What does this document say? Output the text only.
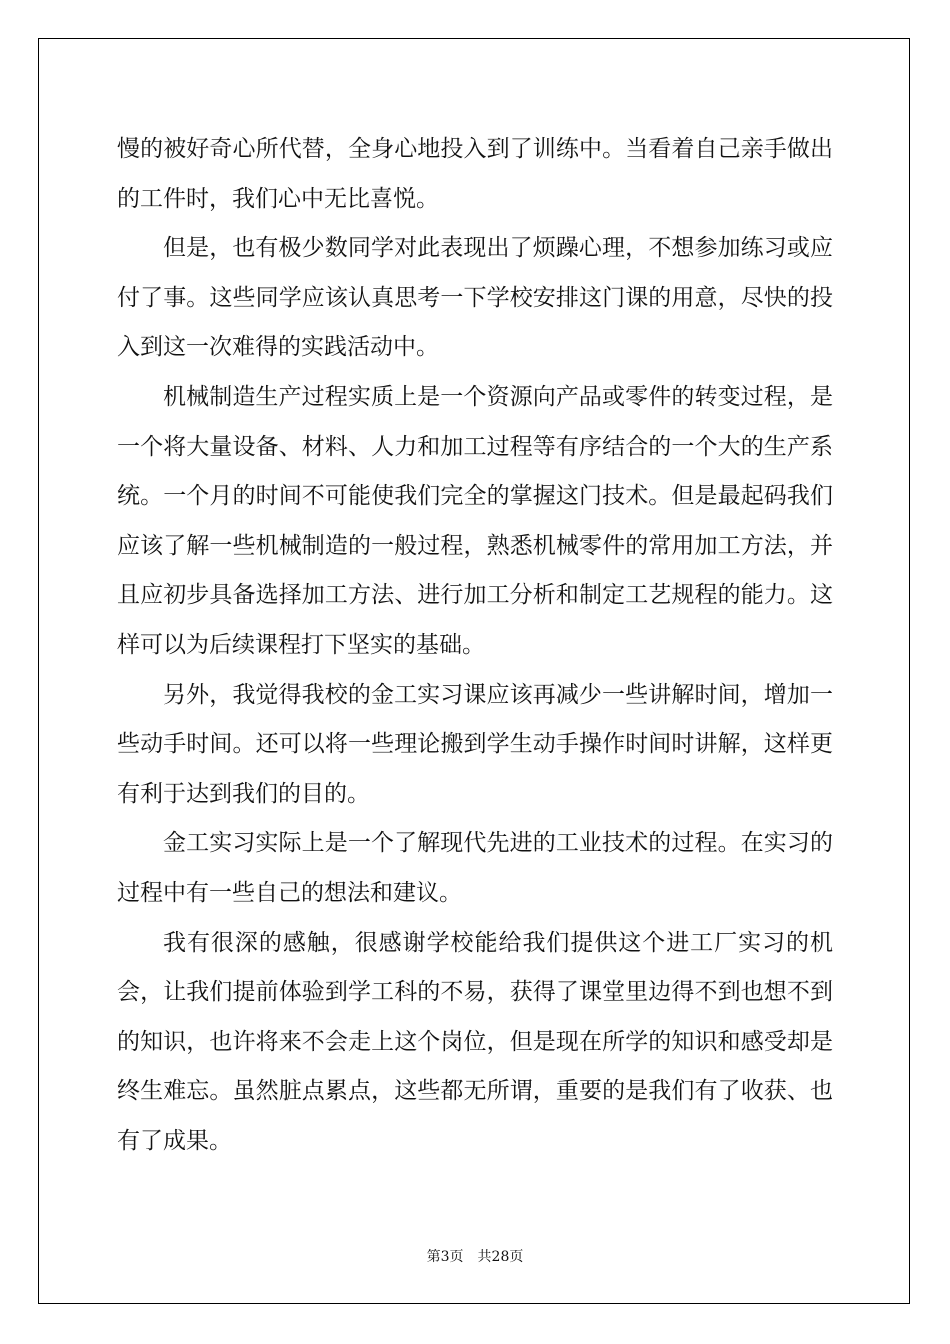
慢的被好奇心所代替，全身心地投入到了训练中。当看着自己亲手做出的工件时，我们心中无比喜悦。

但是，也有极少数同学对此表现出了烦躁心理，不想参加练习或应付了事。这些同学应该认真思考一下学校安排这门课的用意，尽快的投入到这一次难得的实践活动中。

机械制造生产过程实质上是一个资源向产品或零件的转变过程，是一个将大量设备、材料、人力和加工过程等有序结合的一个大的生产系统。一个月的时间不可能使我们完全的掌握这门技术。但是最起码我们应该了解一些机械制造的一般过程，熟悉机械零件的常用加工方法，并且应初步具备选择加工方法、进行加工分析和制定工艺规程的能力。这样可以为后续课程打下坚实的基础。

另外，我觉得我校的金工实习课应该再减少一些讲解时间，增加一些动手时间。还可以将一些理论搬到学生动手操作时间时讲解，这样更有利于达到我们的目的。

金工实习实际上是一个了解现代先进的工业技术的过程。在实习的过程中有一些自己的想法和建议。

我有很深的感触，很感谢学校能给我们提供这个进工厂实习的机会，让我们提前体验到学工科的不易，获得了课堂里边得不到也想不到的知识，也许将来不会走上这个岗位，但是现在所学的知识和感受却是终生难忘。虽然脏点累点，这些都无所谓，重要的是我们有了收获、也有了成果。

第3页 共28页
